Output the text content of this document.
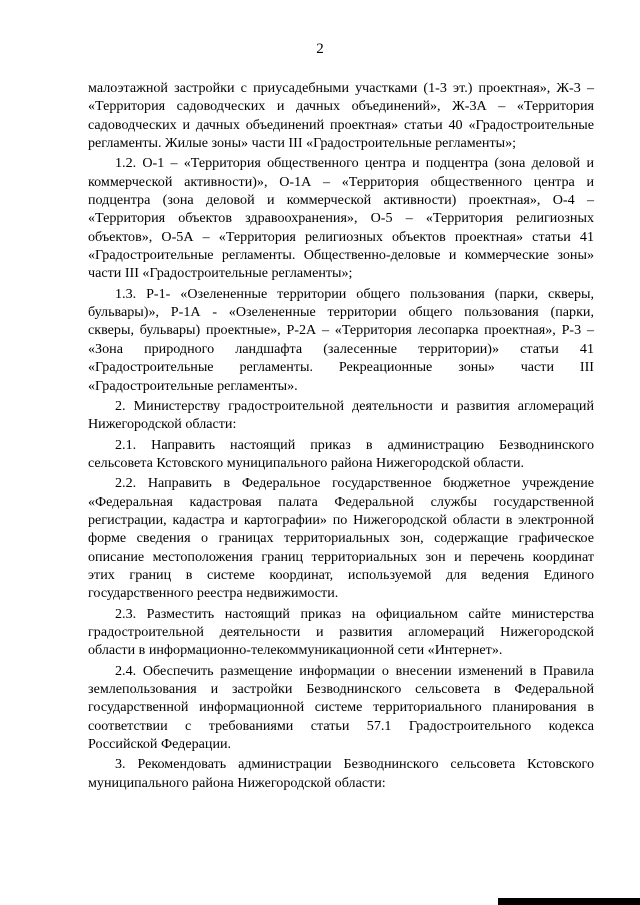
2
малоэтажной застройки с приусадебными участками (1-3 эт.) проектная», Ж-3 –
«Территория садоводческих и дачных объединений», Ж-3А – «Территория
садоводческих и дачных объединений проектная» статьи 40 «Градостроительные
регламенты. Жилые зоны» части III «Градостроительные регламенты»;
1.2. О-1 – «Территория общественного центра и подцентра (зона деловой и
коммерческой активности)», О-1А – «Территория общественного центра и
подцентра (зона деловой и коммерческой активности) проектная», О-4 –
«Территория объектов здравоохранения», О-5 – «Территория религиозных
объектов», О-5А – «Территория религиозных объектов проектная» статьи 41
«Градостроительные регламенты. Общественно-деловые и коммерческие зоны»
части III «Градостроительные регламенты»;
1.3. Р-1- «Озелененные территории общего пользования (парки, скверы,
бульвары)», Р-1А - «Озелененные территории общего пользования (парки,
скверы, бульвары) проектные», Р-2А – «Территория лесопарка проектная», Р-3 –
«Зона природного ландшафта (залесенные территории)» статьи 41
«Градостроительные регламенты. Рекреационные зоны» части III
«Градостроительные регламенты».
2. Министерству градостроительной деятельности и развития агломераций
Нижегородской области:
2.1. Направить настоящий приказ в администрацию Безводнинского
сельсовета Кстовского муниципального района Нижегородской области.
2.2. Направить в Федеральное государственное бюджетное учреждение
«Федеральная кадастровая палата Федеральной службы государственной
регистрации, кадастра и картографии» по Нижегородской области в электронной
форме сведения о границах территориальных зон, содержащие графическое
описание местоположения границ территориальных зон и перечень координат
этих границ в системе координат, используемой для ведения Единого
государственного реестра недвижимости.
2.3. Разместить настоящий приказ на официальном сайте министерства
градостроительной деятельности и развития агломераций Нижегородской
области в информационно-телекоммуникационной сети «Интернет».
2.4. Обеспечить размещение информации о внесении изменений в Правила
землепользования и застройки Безводнинского сельсовета в Федеральной
государственной информационной системе территориального планирования в
соответствии с требованиями статьи 57.1 Градостроительного кодекса
Российской Федерации.
3. Рекомендовать администрации Безводнинского сельсовета Кстовского
муниципального района Нижегородской области:
